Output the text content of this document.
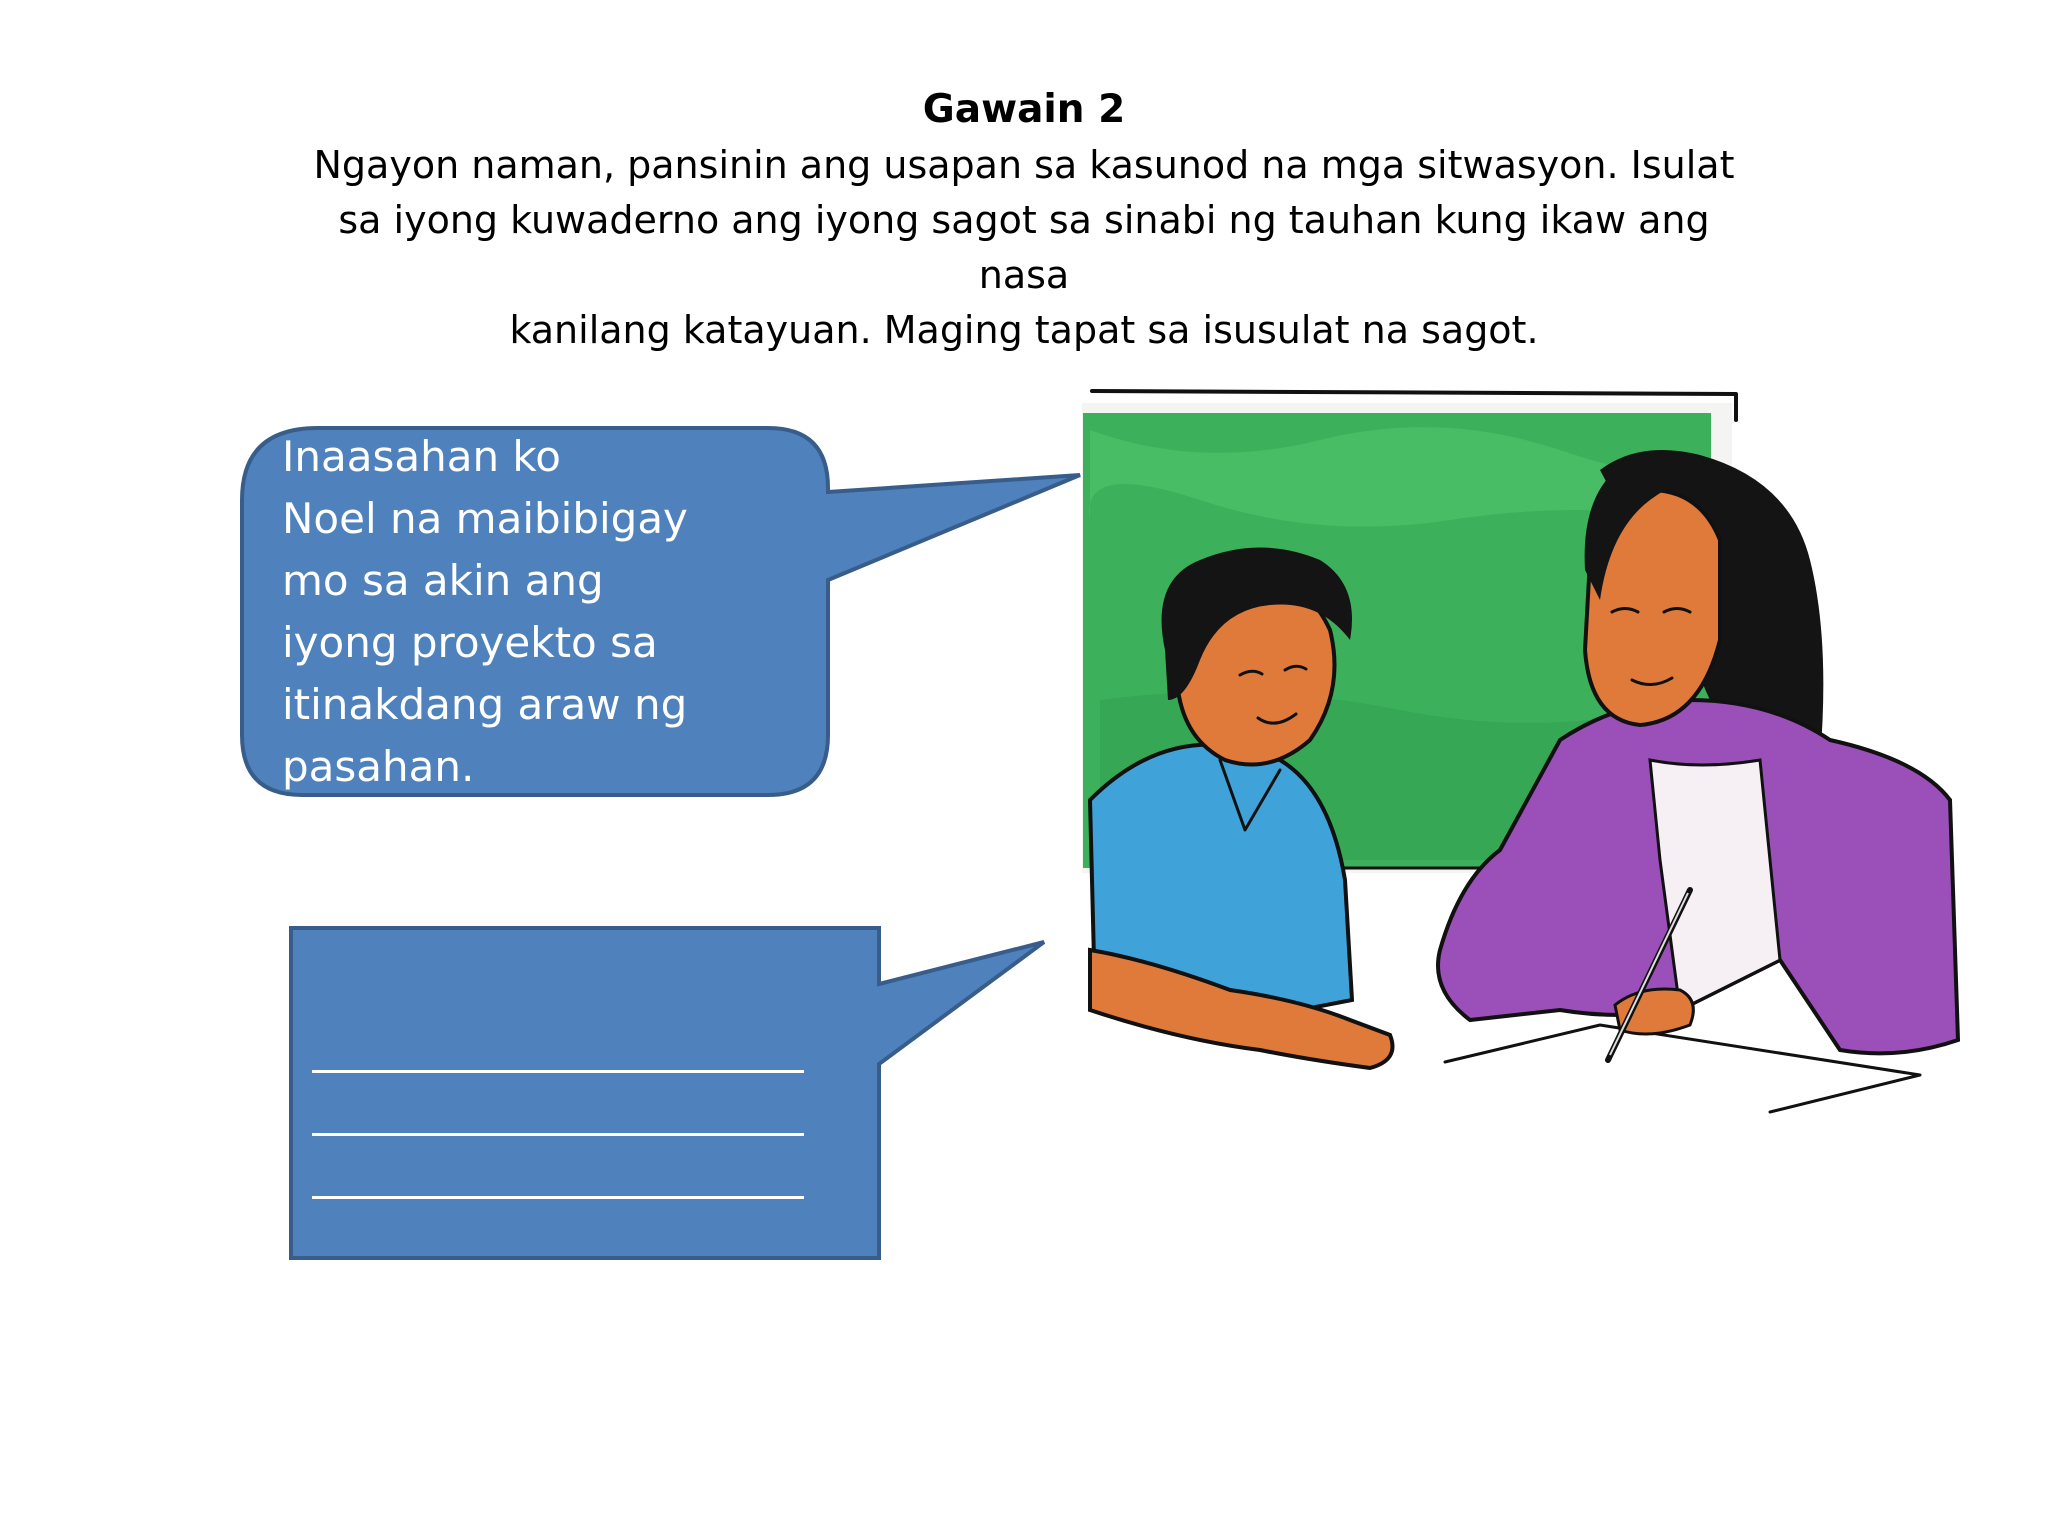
Gawain 2
Ngayon naman, pansinin ang usapan sa kasunod na mga sitwasyon. Isulat
sa iyong kuwaderno ang iyong sagot sa sinabi ng tauhan kung ikaw ang nasa
kanilang katayuan. Maging tapat sa isusulat na sagot.
Inaasahan ko
Noel na maibibigay
mo sa akin ang
iyong proyekto sa
itinakdang araw ng
pasahan.
